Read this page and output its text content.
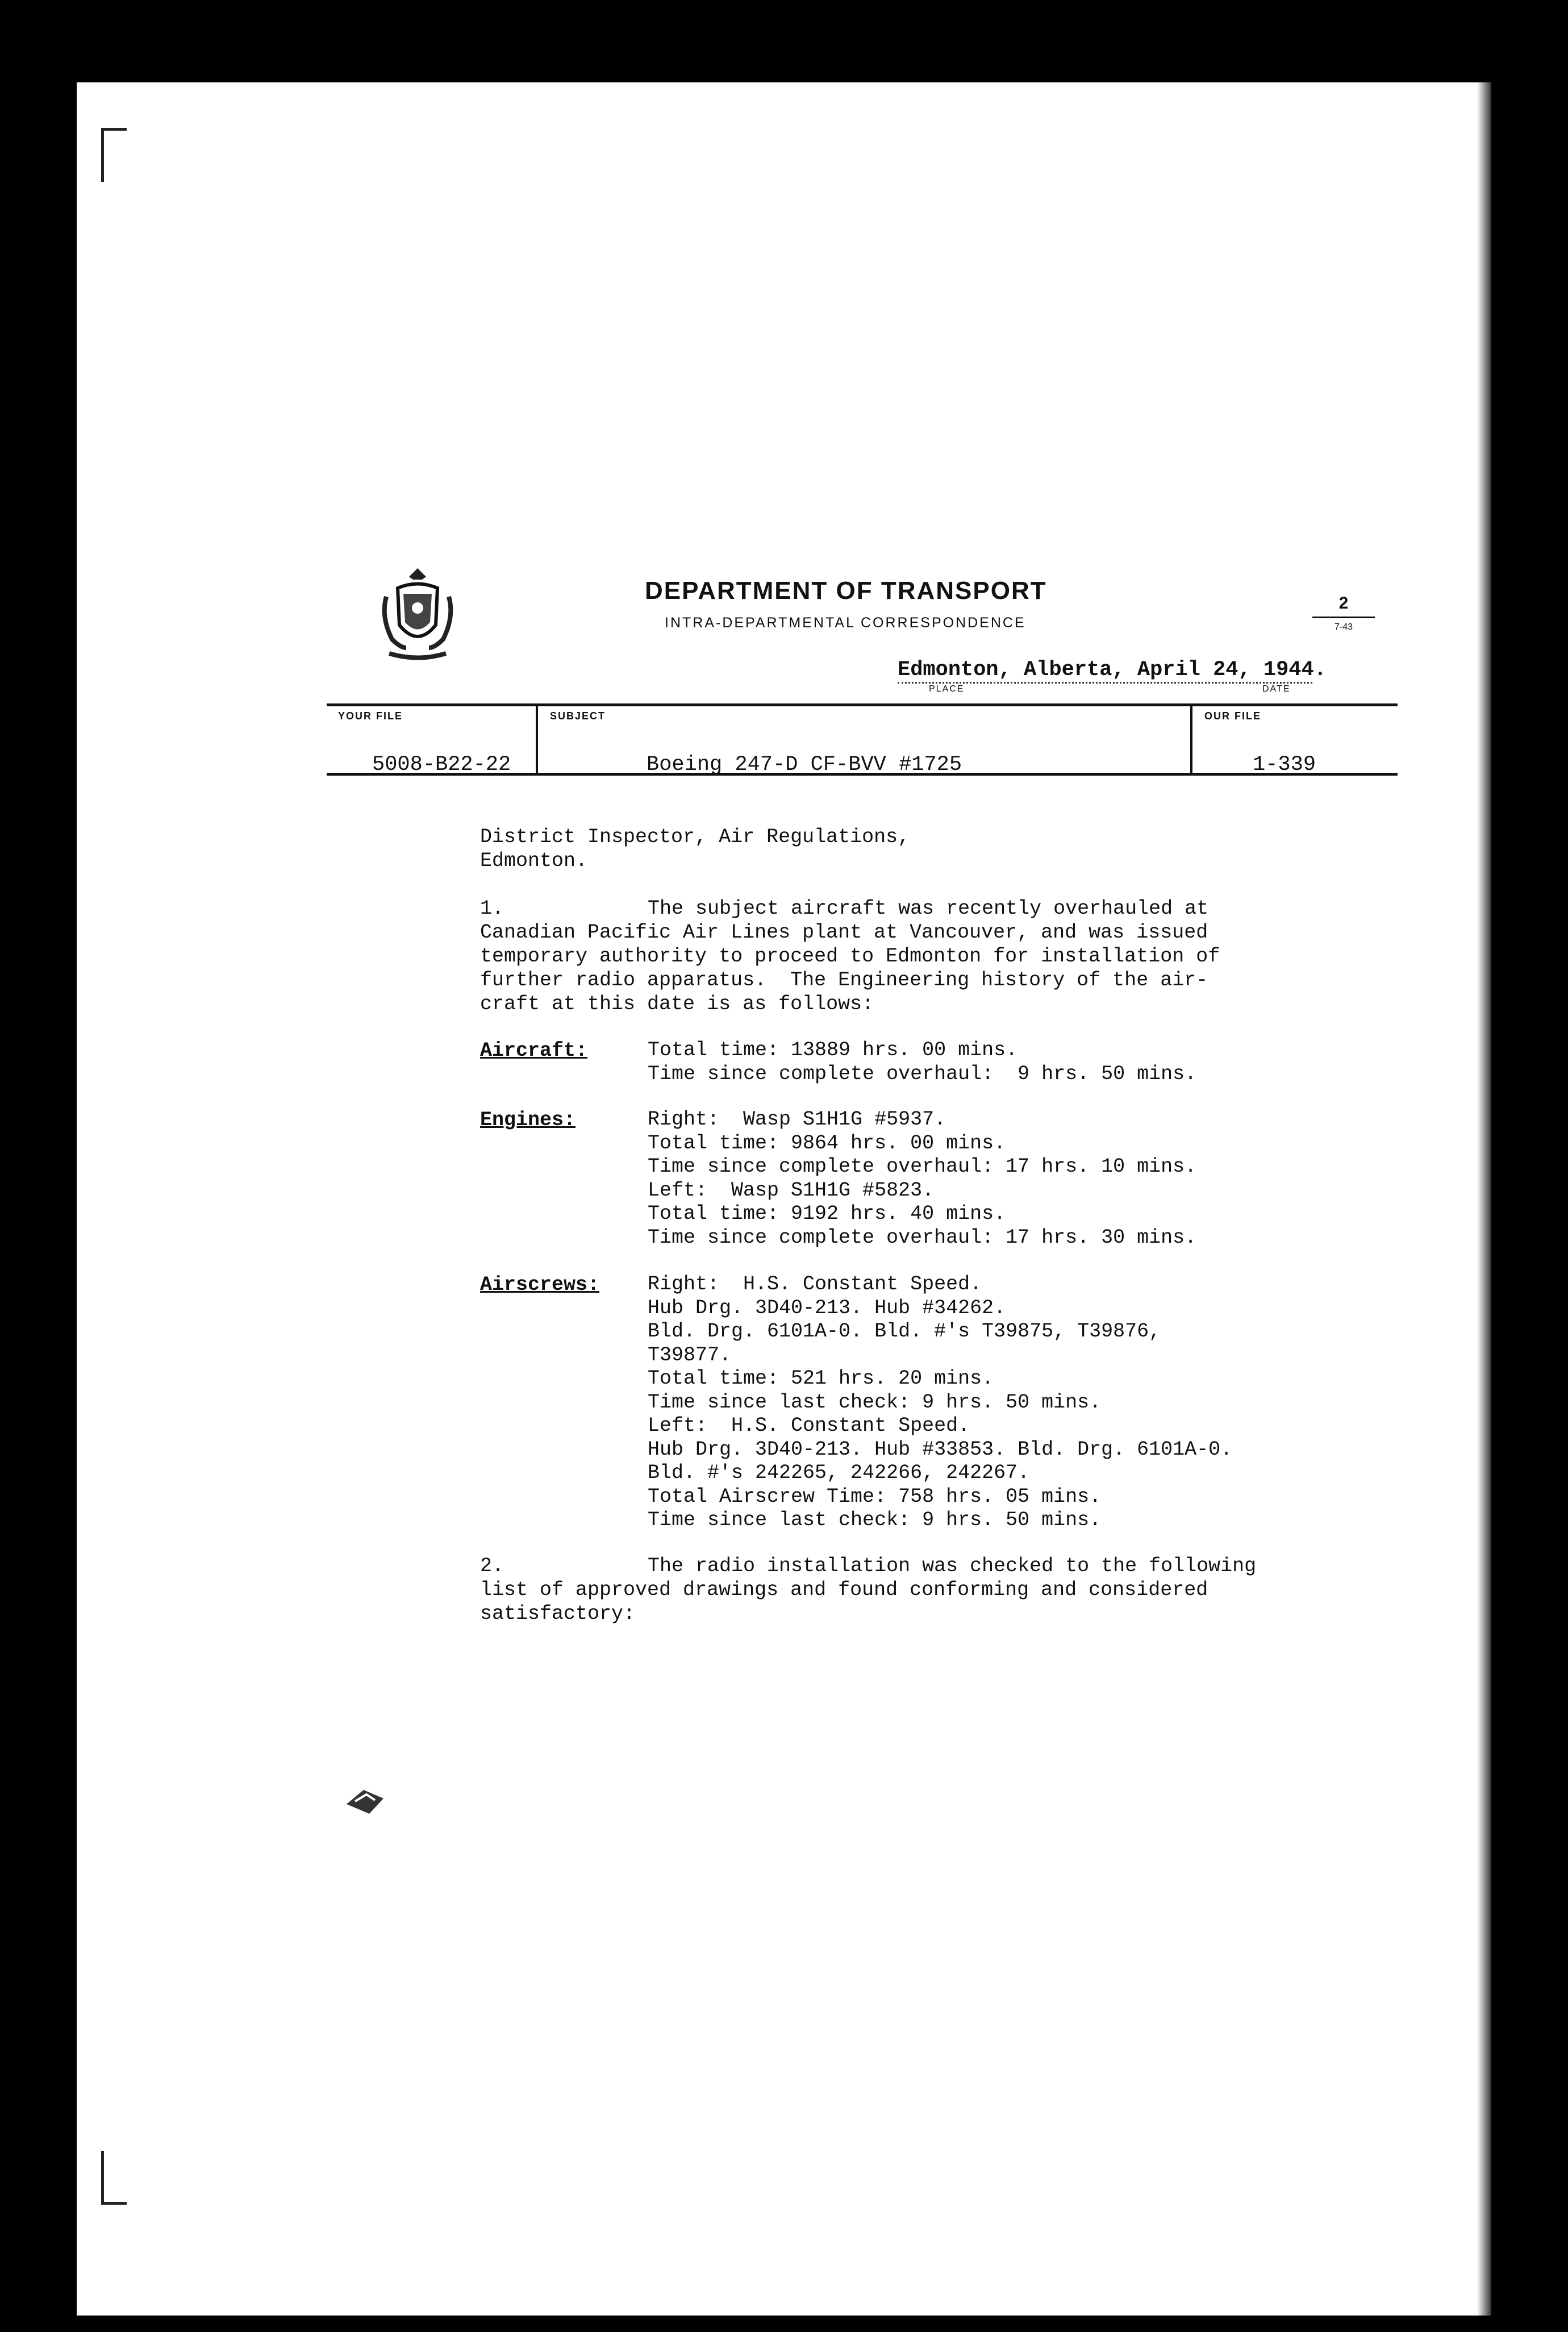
DEPARTMENT OF TRANSPORT
INTRA-DEPARTMENTAL CORRESPONDENCE
2
7-43
Edmonton, Alberta, April 24, 1944.
PLACE	DATE
YOUR FILE	SUBJECT	OUR FILE
5008-B22-22	Boeing 247-D CF-BVV #1725	1-339
District Inspector, Air Regulations,
Edmonton.
1.	The subject aircraft was recently overhauled at
Canadian Pacific Air Lines plant at Vancouver, and was issued
temporary authority to proceed to Edmonton for installation of
further radio apparatus.  The Engineering history of the air-
craft at this date is as follows:
Aircraft:	Total time: 13889 hrs. 00 mins.
Time since complete overhaul:  9 hrs. 50 mins.
Engines:	Right:  Wasp S1H1G #5937.
Total time: 9864 hrs. 00 mins.
Time since complete overhaul: 17 hrs. 10 mins.
Left:  Wasp S1H1G #5823.
Total time: 9192 hrs. 40 mins.
Time since complete overhaul: 17 hrs. 30 mins.
Airscrews: Right:  H.S. Constant Speed.
Hub Drg. 3D40-213. Hub #34262.
Bld. Drg. 6101A-0. Bld. #'s T39875, T39876,
T39877.
Total time: 521 hrs. 20 mins.
Time since last check: 9 hrs. 50 mins.
Left:  H.S. Constant Speed.
Hub Drg. 3D40-213. Hub #33853. Bld. Drg. 6101A-0.
Bld. #'s 242265, 242266, 242267.
Total Airscrew Time: 758 hrs. 05 mins.
Time since last check: 9 hrs. 50 mins.
2.	The radio installation was checked to the following
list of approved drawings and found conforming and considered
satisfactory:
